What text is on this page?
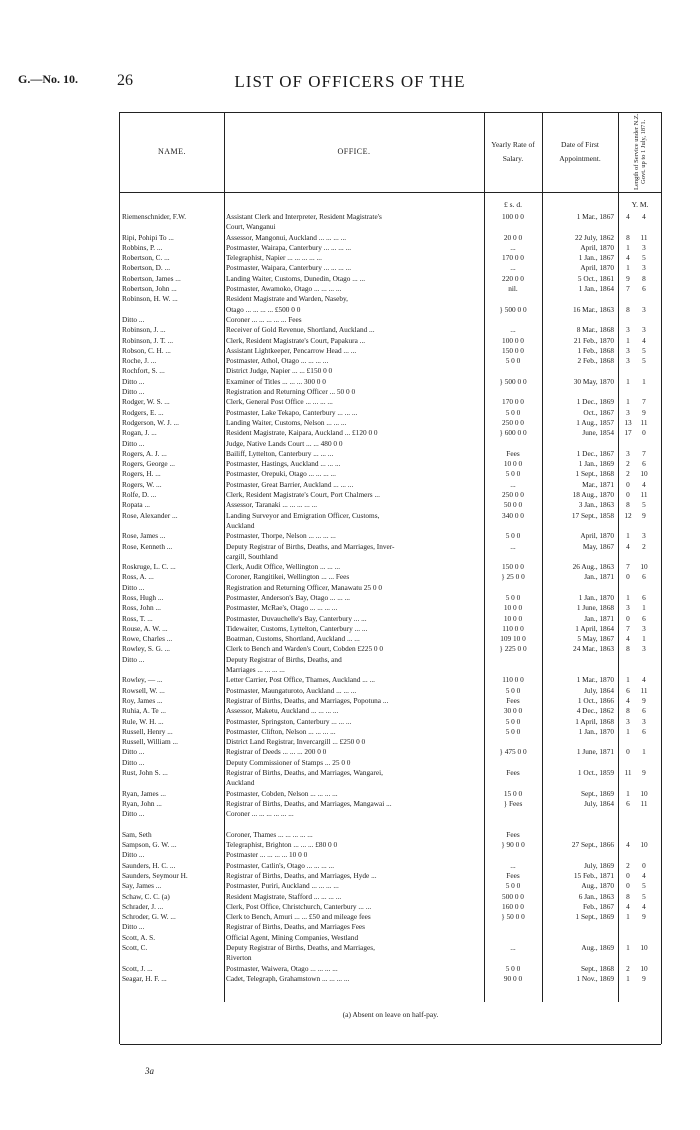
G.—No. 10. 26	LIST OF OFFICERS OF THE
NAME.	OFFICE.
Yearly Rate of Salary.
Date of First Appointment.	Length of Service under N.Z. Govt. up to 1 July, 1871.
£ s. d.	Y. M.
Riemenschnider, F.W.	Assistant Clerk and Interpreter, Resident Magistrate's	100 0 0	1 Mar., 1867	4	4
Court, Wanganui
Ripi, Pohipi To ...	Assessor, Mangonui, Auckland ... ... ... ...	20 0 0	22 July, 1862	8	11
Robbins, P. ...	Postmaster, Wairapa, Canterbury ... ... ... ...	...	April, 1870	1	3
Robertson, C. ...	Telegraphist, Napier ... ... ... ... ...	170 0 0	1 Jan., 1867	4	5
Robertson, D. ...	Postmaster, Waipara, Canterbury ... ... ... ...	...	April, 1870	1	3
Robertson, James ...	Landing Waiter, Customs, Dunedin, Otago ... ...	220 0 0	5 Oct., 1861	9	8
Robertson, John ...	Postmaster, Awamoko, Otago ... ... ... ...	nil.	1 Jan., 1864	7	6
Robinson, H. W. ...	Resident Magistrate and Warden, Naseby,
Otago ... ... ... ... £500 0 0	} 500 0 0	16 Mar., 1863	8	3
Ditto ...	Coroner ... ... ... ... ... Fees
Robinson, J. ...	Receiver of Gold Revenue, Shortland, Auckland ...	...	8 Mar., 1868	3	3
Robinson, J. T. ...	Clerk, Resident Magistrate's Court, Papakura ...	100 0 0	21 Feb., 1870	1	4
Robson, C. H. ...	Assistant Lightkeeper, Pencarrow Head ... ...	150 0 0	1 Feb., 1868	3	5
Roche, J. ...	Postmaster, Athol, Otago ... ... ... ...	5 0 0	2 Feb., 1868	3	5
Rochfort, S. ...	District Judge, Napier ... ... £150 0 0
Ditto ...	Examiner of Titles ... ... ... 300 0 0	} 500 0 0	30 May, 1870	1	1
Ditto ...	Registration and Returning Officer ... 50 0 0
Rodger, W. S. ...	Clerk, General Post Office ... ... ... ...	170 0 0	1 Dec., 1869	1	7
Rodgers, E. ...	Postmaster, Lake Tekapo, Canterbury ... ... ...	5 0 0	Oct., 1867	3	9
Rodgerson, W. J. ...	Landing Waiter, Customs, Nelson ... ... ...	250 0 0	1 Aug., 1857	13	11
Rogan, J. ...	Resident Magistrate, Kaipara, Auckland ... £120 0 0	} 600 0 0	June, 1854	17	0
Ditto ...	Judge, Native Lands Court ... ... 480 0 0
Rogers, A. J. ...	Bailiff, Lyttelton, Canterbury ... ... ...	Fees	1 Dec., 1867	3	7
Rogers, George ...	Postmaster, Hastings, Auckland ... ... ...	10 0 0	1 Jan., 1869	2	6
Rogers, H. ...	Postmaster, Orepuki, Otago ... ... ... ...	5 0 0	1 Sept., 1868	2	10
Rogers, W. ...	Postmaster, Great Barrier, Auckland ... ... ...	...	Mar., 1871	0	4
Rolfe, D. ...	Clerk, Resident Magistrate's Court, Port Chalmers ...	250 0 0	18 Aug., 1870	0	11
Ropata ...	Assessor, Taranaki ... ... ... ... ...	50 0 0	3 Jan., 1863	8	5
Rose, Alexander ...	Landing Surveyor and Emigration Officer, Customs,	340 0 0	17 Sept., 1858	12	9
Auckland
Rose, James ...	Postmaster, Thorpe, Nelson ... ... ... ...	5 0 0	April, 1870	1	3
Rose, Kenneth ...	Deputy Registrar of Births, Deaths, and Marriages, Inver-	...	May, 1867	4	2
cargill, Southland
Roskruge, L. C. ...	Clerk, Audit Office, Wellington ... ... ...	150 0 0	26 Aug., 1863	7	10
Ross, A. ...	Coroner, Rangitikei, Wellington ... ... Fees	} 25 0 0	Jan., 1871	0	6
Ditto ...	Registration and Returning Officer, Manawatu 25 0 0
Ross, Hugh ...	Postmaster, Anderson's Bay, Otago ... ... ...	5 0 0	1 Jan., 1870	1	6
Ross, John ...	Postmaster, McRae's, Otago ... ... ... ...	10 0 0	1 June, 1868	3	1
Ross, T. ...	Postmaster, Duvauchelle's Bay, Canterbury ... ...	10 0 0	Jan., 1871	0	6
Rouse, A. W. ...	Tidewaiter, Customs, Lyttelton, Canterbury ... ...	110 0 0	1 April, 1864	7	3
Rowe, Charles ...	Boatman, Customs, Shortland, Auckland ... ...	109 10 0	5 May, 1867	4	1
Rowley, S. G. ...	Clerk to Bench and Warden's Court, Cobden £225 0 0	} 225 0 0	24 Mar., 1863	8	3
Ditto ...	Deputy Registrar of Births, Deaths, and
Marriages ... ... ... ...
Rowley, — ...	Letter Carrier, Post Office, Thames, Auckland ... ...	110 0 0	1 Mar., 1870	1	4
Rowsell, W. ...	Postmaster, Maungaturoto, Auckland ... ... ...	5 0 0	July, 1864	6	11
Roy, James ...	Registrar of Births, Deaths, and Marriages, Popotuna ...	Fees	1 Oct., 1866	4	9
Ruhia, A. Te ...	Assessor, Maketu, Auckland ... ... ... ...	30 0 0	4 Dec., 1862	8	6
Rule, W. H. ...	Postmaster, Springston, Canterbury ... ... ...	5 0 0	1 April, 1868	3	3
Russell, Henry ...	Postmaster, Clifton, Nelson ... ... ... ...	5 0 0	1 Jan., 1870	1	6
Russell, William ...	District Land Registrar, Invercargill ... £250 0 0
Ditto ...	Registrar of Deeds ... ... ... 200 0 0	} 475 0 0	1 June, 1871	0	1
Ditto ...	Deputy Commissioner of Stamps ... 25 0 0
Rust, John S. ...	Registrar of Births, Deaths, and Marriages, Wangarei,	Fees	1 Oct., 1859	11	9
Auckland
Ryan, James ...	Postmaster, Cobden, Nelson ... ... ... ...	15 0 0	Sept., 1869	1	10
Ryan, John ...	Registrar of Births, Deaths, and Marriages, Mangawai ...	} Fees	July, 1864	6	11
Ditto ...	Coroner ... ... ... ... ... ...
Sam, Seth	Coroner, Thames ... ... ... ... ...	Fees
Sampson, G. W. ...	Telegraphist, Brighton ... ... ... £80 0 0	} 90 0 0	27 Sept., 1866	4	10
Ditto ...	Postmaster ... ... ... ... 10 0 0
Saunders, H. C. ...	Postmaster, Catlin's, Otago ... ... ... ...	...	July, 1869	2	0
Saunders, Seymour H.	Registrar of Births, Deaths, and Marriages, Hyde ...	Fees	15 Feb., 1871	0	4
Say, James ...	Postmaster, Puriri, Auckland ... ... ... ...	5 0 0	Aug., 1870	0	5
Schaw, C. C. (a)	Resident Magistrate, Stafford ... ... ... ...	500 0 0	6 Jan., 1863	8	5
Schrader, J. ...	Clerk, Post Office, Christchurch, Canterbury ... ...	160 0 0	Feb., 1867	4	4
Schroder, G. W. ...	Clerk to Bench, Amuri ... ... £50 and mileage fees	} 50 0 0	1 Sept., 1869	1	9
Ditto ...	Registrar of Births, Deaths, and Marriages Fees
Scott, A. S.	Official Agent, Mining Companies, Westland
Scott, C.	Deputy Registrar of Births, Deaths, and Marriages,	...	Aug., 1869	1	10
Riverton
Scott, J. ...	Postmaster, Waiwera, Otago ... ... ... ...	5 0 0	Sept., 1868	2	10
Seagar, H. F. ...	Cadet, Telegraph, Grahamstown ... ... ... ...	90 0 0	1 Nov., 1869	1	9
(a) Absent on leave on half-pay.
3a
